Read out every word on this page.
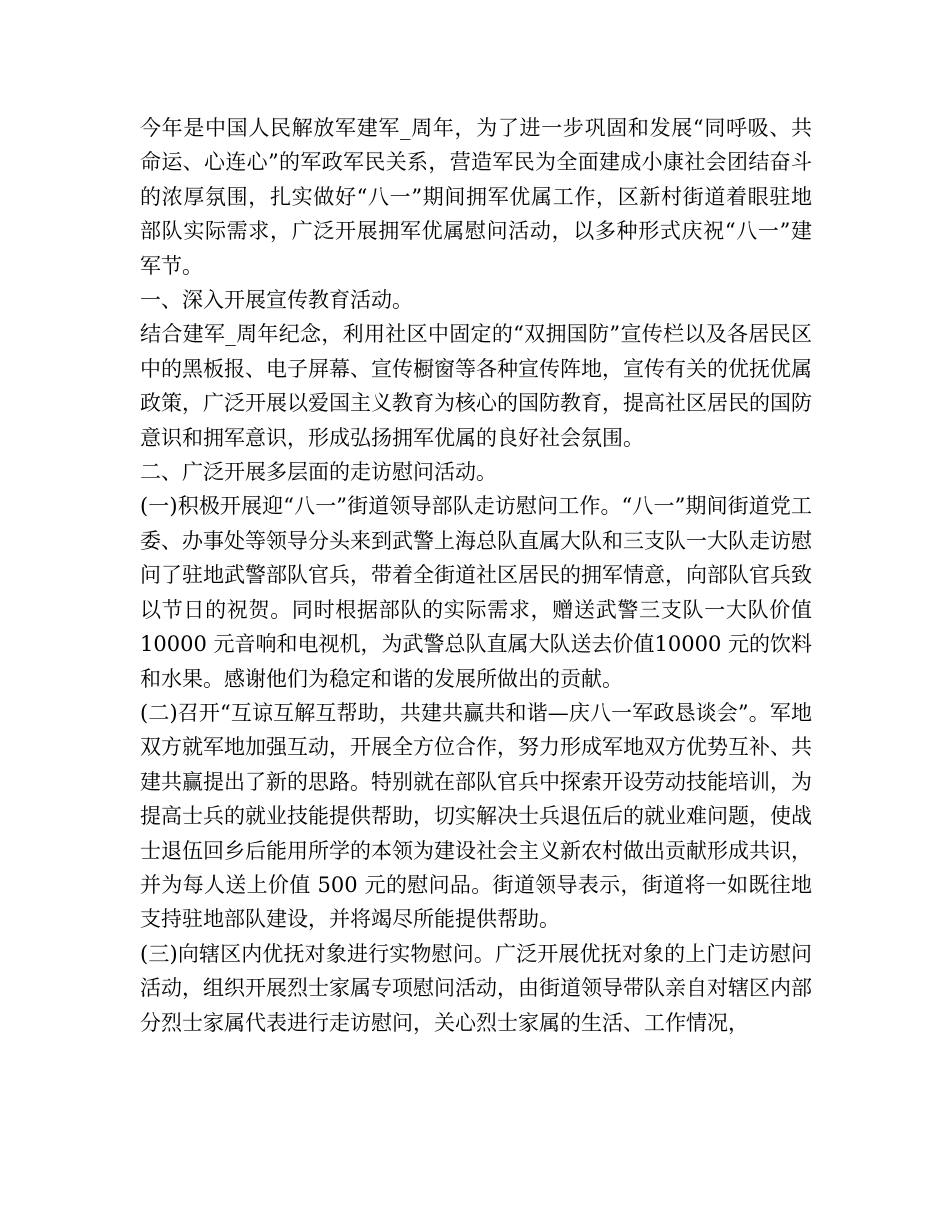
今年是中国人民解放军建军_周年，为了进一步巩固和发展“同呼吸、共命运、心连心”的军政军民关系，营造军民为全面建成小康社会团结奋斗的浓厚氛围，扎实做好“八一”期间拥军优属工作，区新村街道着眼驻地部队实际需求，广泛开展拥军优属慰问活动，以多种形式庆祝“八一”建军节。

一、深入开展宣传教育活动。

结合建军_周年纪念，利用社区中固定的“双拥国防”宣传栏以及各居民区中的黑板报、电子屏幕、宣传橱窗等各种宣传阵地，宣传有关的优抚优属政策，广泛开展以爱国主义教育为核心的国防教育，提高社区居民的国防意识和拥军意识，形成弘扬拥军优属的良好社会氛围。

二、广泛开展多层面的走访慰问活动。

(一)积极开展迎“八一”街道领导部队走访慰问工作。“八一”期间街道党工委、办事处等领导分头来到武警上海总队直属大队和三支队一大队走访慰问了驻地武警部队官兵，带着全街道社区居民的拥军情意，向部队官兵致以节日的祝贺。同时根据部队的实际需求，赠送武警三支队一大队价值 10000 元音响和电视机，为武警总队直属大队送去价值10000 元的饮料和水果。感谢他们为稳定和谐的发展所做出的贡献。

(二)召开“互谅互解互帮助，共建共赢共和谐—庆八一军政恳谈会”。军地双方就军地加强互动，开展全方位合作，努力形成军地双方优势互补、共建共赢提出了新的思路。特别就在部队官兵中探索开设劳动技能培训，为提高士兵的就业技能提供帮助，切实解决士兵退伍后的就业难问题，使战士退伍回乡后能用所学的本领为建设社会主义新农村做出贡献形成共识，并为每人送上价值 500 元的慰问品。街道领导表示，街道将一如既往地支持驻地部队建设，并将竭尽所能提供帮助。

(三)向辖区内优抚对象进行实物慰问。广泛开展优抚对象的上门走访慰问活动，组织开展烈士家属专项慰问活动，由街道领导带队亲自对辖区内部分烈士家属代表进行走访慰问，关心烈士家属的生活、工作情况，
